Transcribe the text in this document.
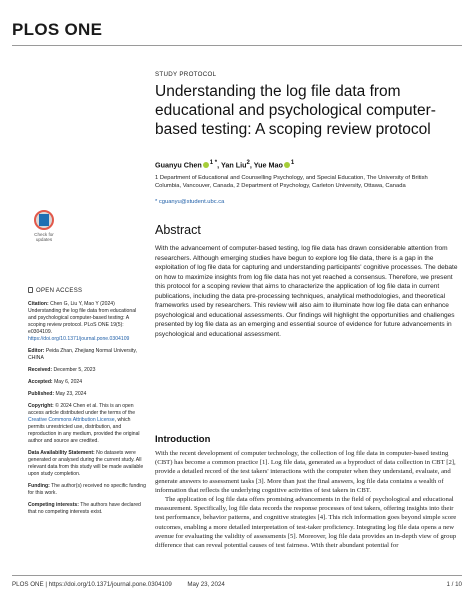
PLOS ONE
STUDY PROTOCOL
Understanding the log file data from educational and psychological computer-based testing: A scoping review protocol
Guanyu Chen $^{1 *}$, Yan Liu$^2$, Yue Mao $^1$
1 Department of Educational and Counselling Psychology, and Special Education, The University of British Columbia, Vancouver, Canada, 2 Department of Psychology, Carleton University, Ottawa, Canada
* cguanyu@student.ubc.ca
Abstract
With the advancement of computer-based testing, log file data has drawn considerable attention from researchers. Although emerging studies have begun to explore log file data, there is a gap in the exploitation of log file data for capturing and understanding participants' cognitive processes. The debate on how to maximize insights from log file data has not yet reached a consensus. Therefore, we present this protocol for a scoping review that aims to characterize the application of log file data in current publications, including the data pre-processing techniques, analytical methodologies, and theoretical frameworks used by researchers. This review will also aim to illuminate how log file data can enhance psychological and educational assessments. Our findings will highlight the opportunities and challenges presented by log file data as an emerging and essential source of evidence for future advancements in psychological and educational assessment.
Introduction

With the recent development of computer technology, the collection of log file data in computer-based testing (CBT) has become a common practice [1]. Log file data, generated as a byproduct of data collection in CBT [2], provide a detailed record of the test takers' interactions with the computer when they understand, evaluate, and generate answers to assessment tasks [3]. More than just the final answers, log file data contains a wealth of information that reflects the underlying cognitive activities of test takers in CBT.

The application of log file data offers promising advancements in the field of psychological and educational measurement. Specifically, log file data records the response processes of test takers, offering insights into their test performance, behavior patterns, and cognitive strategies [4]. This rich information goes beyond simple score outcomes, enabling a more detailed interpretation of test-taker proficiency. Integrating log file data opens a new avenue for evaluating the validity of assessments [5]. Moreover, log file data provides an in-depth view of group difference that can reveal potential causes of test fairness. With their abundant potential for

Check for updates
OPEN ACCESS

Citation: Chen G, Liu Y, Mao Y (2024) Understanding the log file data from educational and psychological computer-based testing: A scoping review protocol. PLoS ONE 19(5): e0304109. https://doi.org/10.1371/journal.pone.0304109

Editor: Peida Zhan, Zhejiang Normal University, CHINA

Received: December 5, 2023

Accepted: May 6, 2024

Published: May 23, 2024

Copyright: © 2024 Chen et al. This is an open access article distributed under the terms of the Creative Commons Attribution License, which permits unrestricted use, distribution, and reproduction in any medium, provided the original author and source are credited.

Data Availability Statement: No datasets were generated or analysed during the current study. All relevant data from this study will be made available upon study completion.

Funding: The author(s) received no specific funding for this work.

Competing interests: The authors have declared that no competing interests exist.

PLOS ONE | https://doi.org/10.1371/journal.pone.0304109 May 23, 2024	1 / 10
